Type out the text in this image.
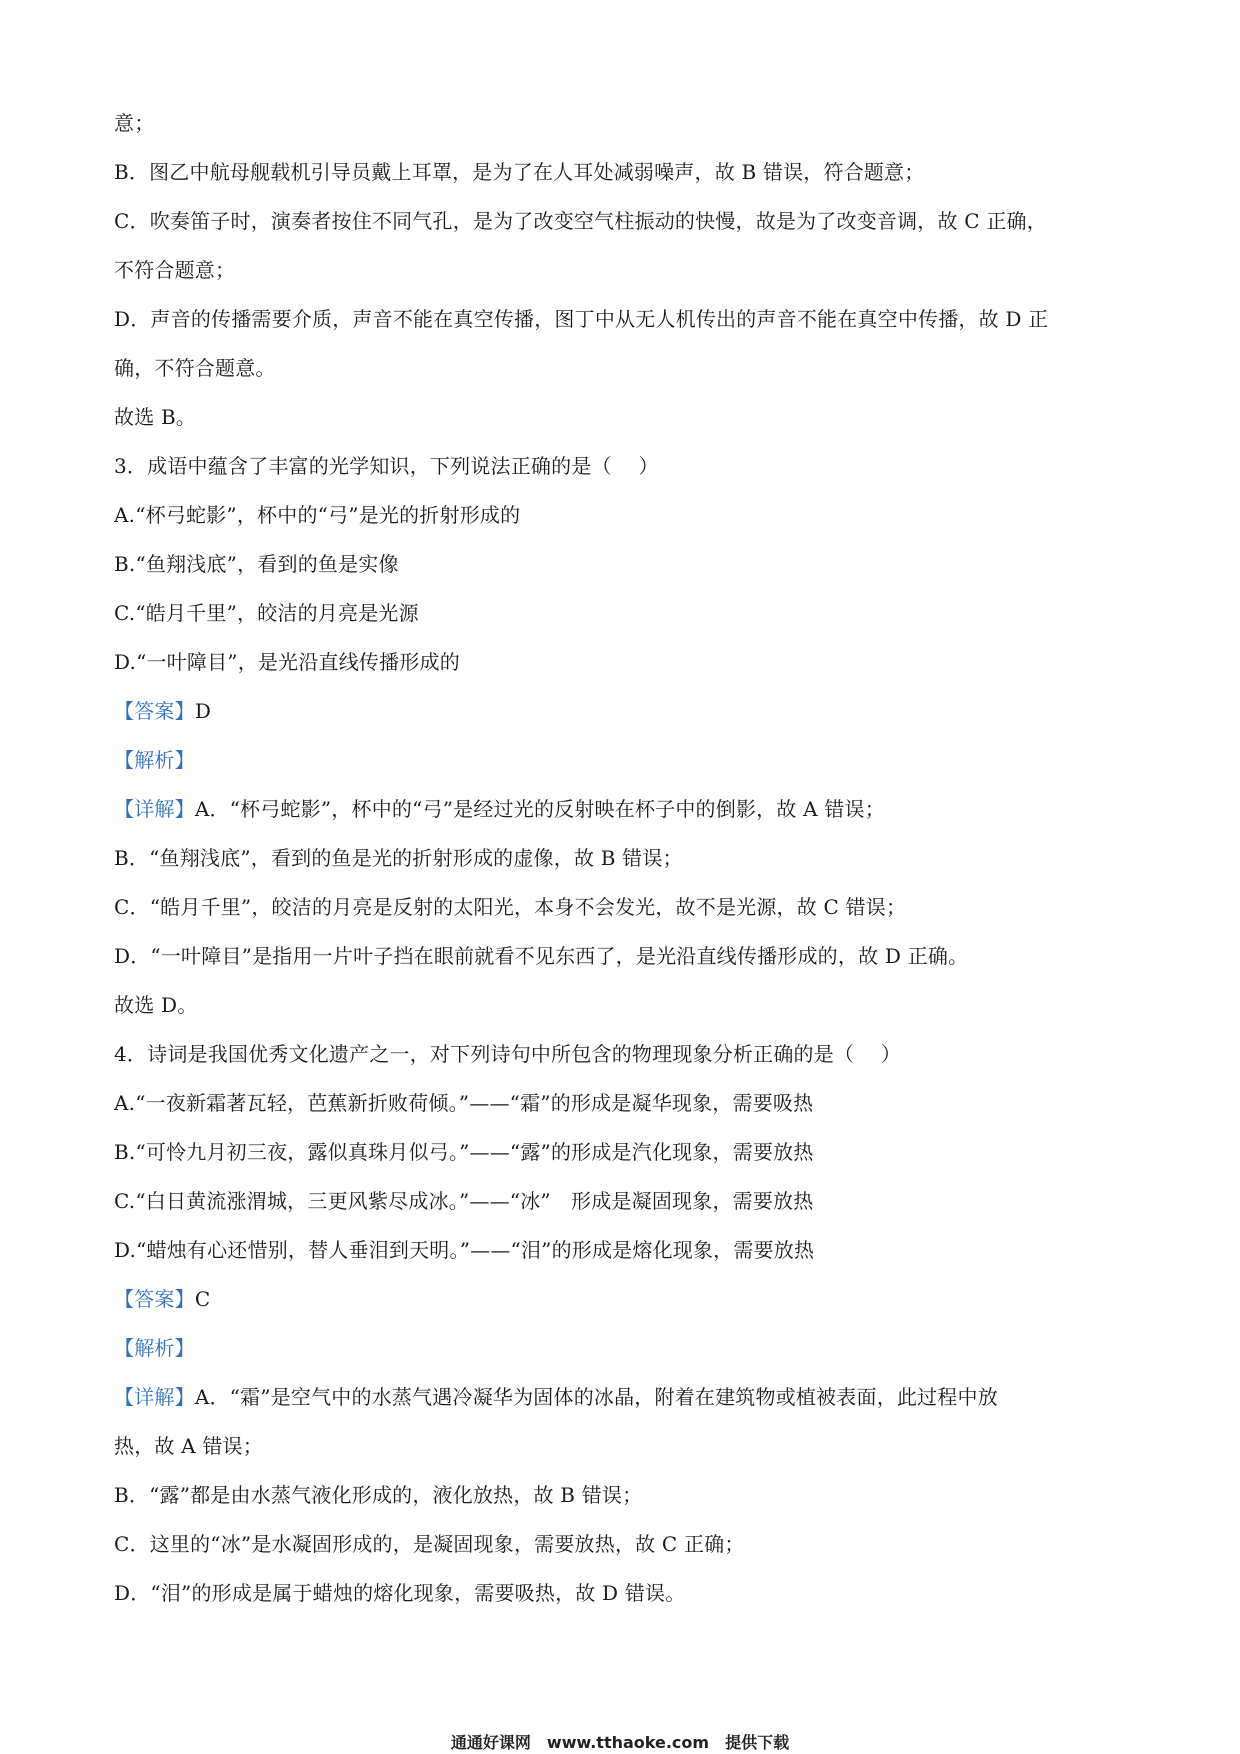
意；
B．图乙中航母舰载机引导员戴上耳罩，是为了在人耳处减弱噪声，故 B 错误，符合题意；
C．吹奏笛子时，演奏者按住不同气孔，是为了改变空气柱振动的快慢，故是为了改变音调，故 C 正确，
不符合题意；
D．声音的传播需要介质，声音不能在真空传播，图丁中从无人机传出的声音不能在真空中传播，故 D 正
确，不符合题意。
故选 B。
3．成语中蕴含了丰富的光学知识，下列说法正确的是（　 ）
A.“杯弓蛇影”，杯中的“弓”是光的折射形成的
B.“鱼翔浅底”，看到的鱼是实像
C.“皓月千里”，皎洁的月亮是光源
D.“一叶障目”，是光沿直线传播形成的
【答案】D
【解析】
【详解】A．“杯弓蛇影”，杯中的“弓”是经过光的反射映在杯子中的倒影，故 A 错误；
B．“鱼翔浅底”，看到的鱼是光的折射形成的虚像，故 B 错误；
C．“皓月千里”，皎洁的月亮是反射的太阳光，本身不会发光，故不是光源，故 C 错误；
D．“一叶障目”是指用一片叶子挡在眼前就看不见东西了，是光沿直线传播形成的，故 D 正确。
故选 D。
4．诗词是我国优秀文化遗产之一，对下列诗句中所包含的物理现象分析正确的是（　 ）
A.“一夜新霜著瓦轻，芭蕉新折败荷倾。”——“霜”的形成是凝华现象，需要吸热
B.“可怜九月初三夜，露似真珠月似弓。”——“露”的形成是汽化现象，需要放热
C.“白日黄流涨渭城，三更风紫尽成冰。”——“冰”　形成是凝固现象，需要放热
D.“蜡烛有心还惜别，替人垂泪到天明。”——“泪”的形成是熔化现象，需要放热
【答案】C
【解析】
【详解】A．“霜”是空气中的水蒸气遇冷凝华为固体的冰晶，附着在建筑物或植被表面，此过程中放
热，故 A 错误；
B．“露”都是由水蒸气液化形成的，液化放热，故 B 错误；
C．这里的“冰”是水凝固形成的，是凝固现象，需要放热，故 C 正确；
D．“泪”的形成是属于蜡烛的熔化现象，需要吸热，故 D 错误。
通通好课网　www.tthaoke.com　提供下载
